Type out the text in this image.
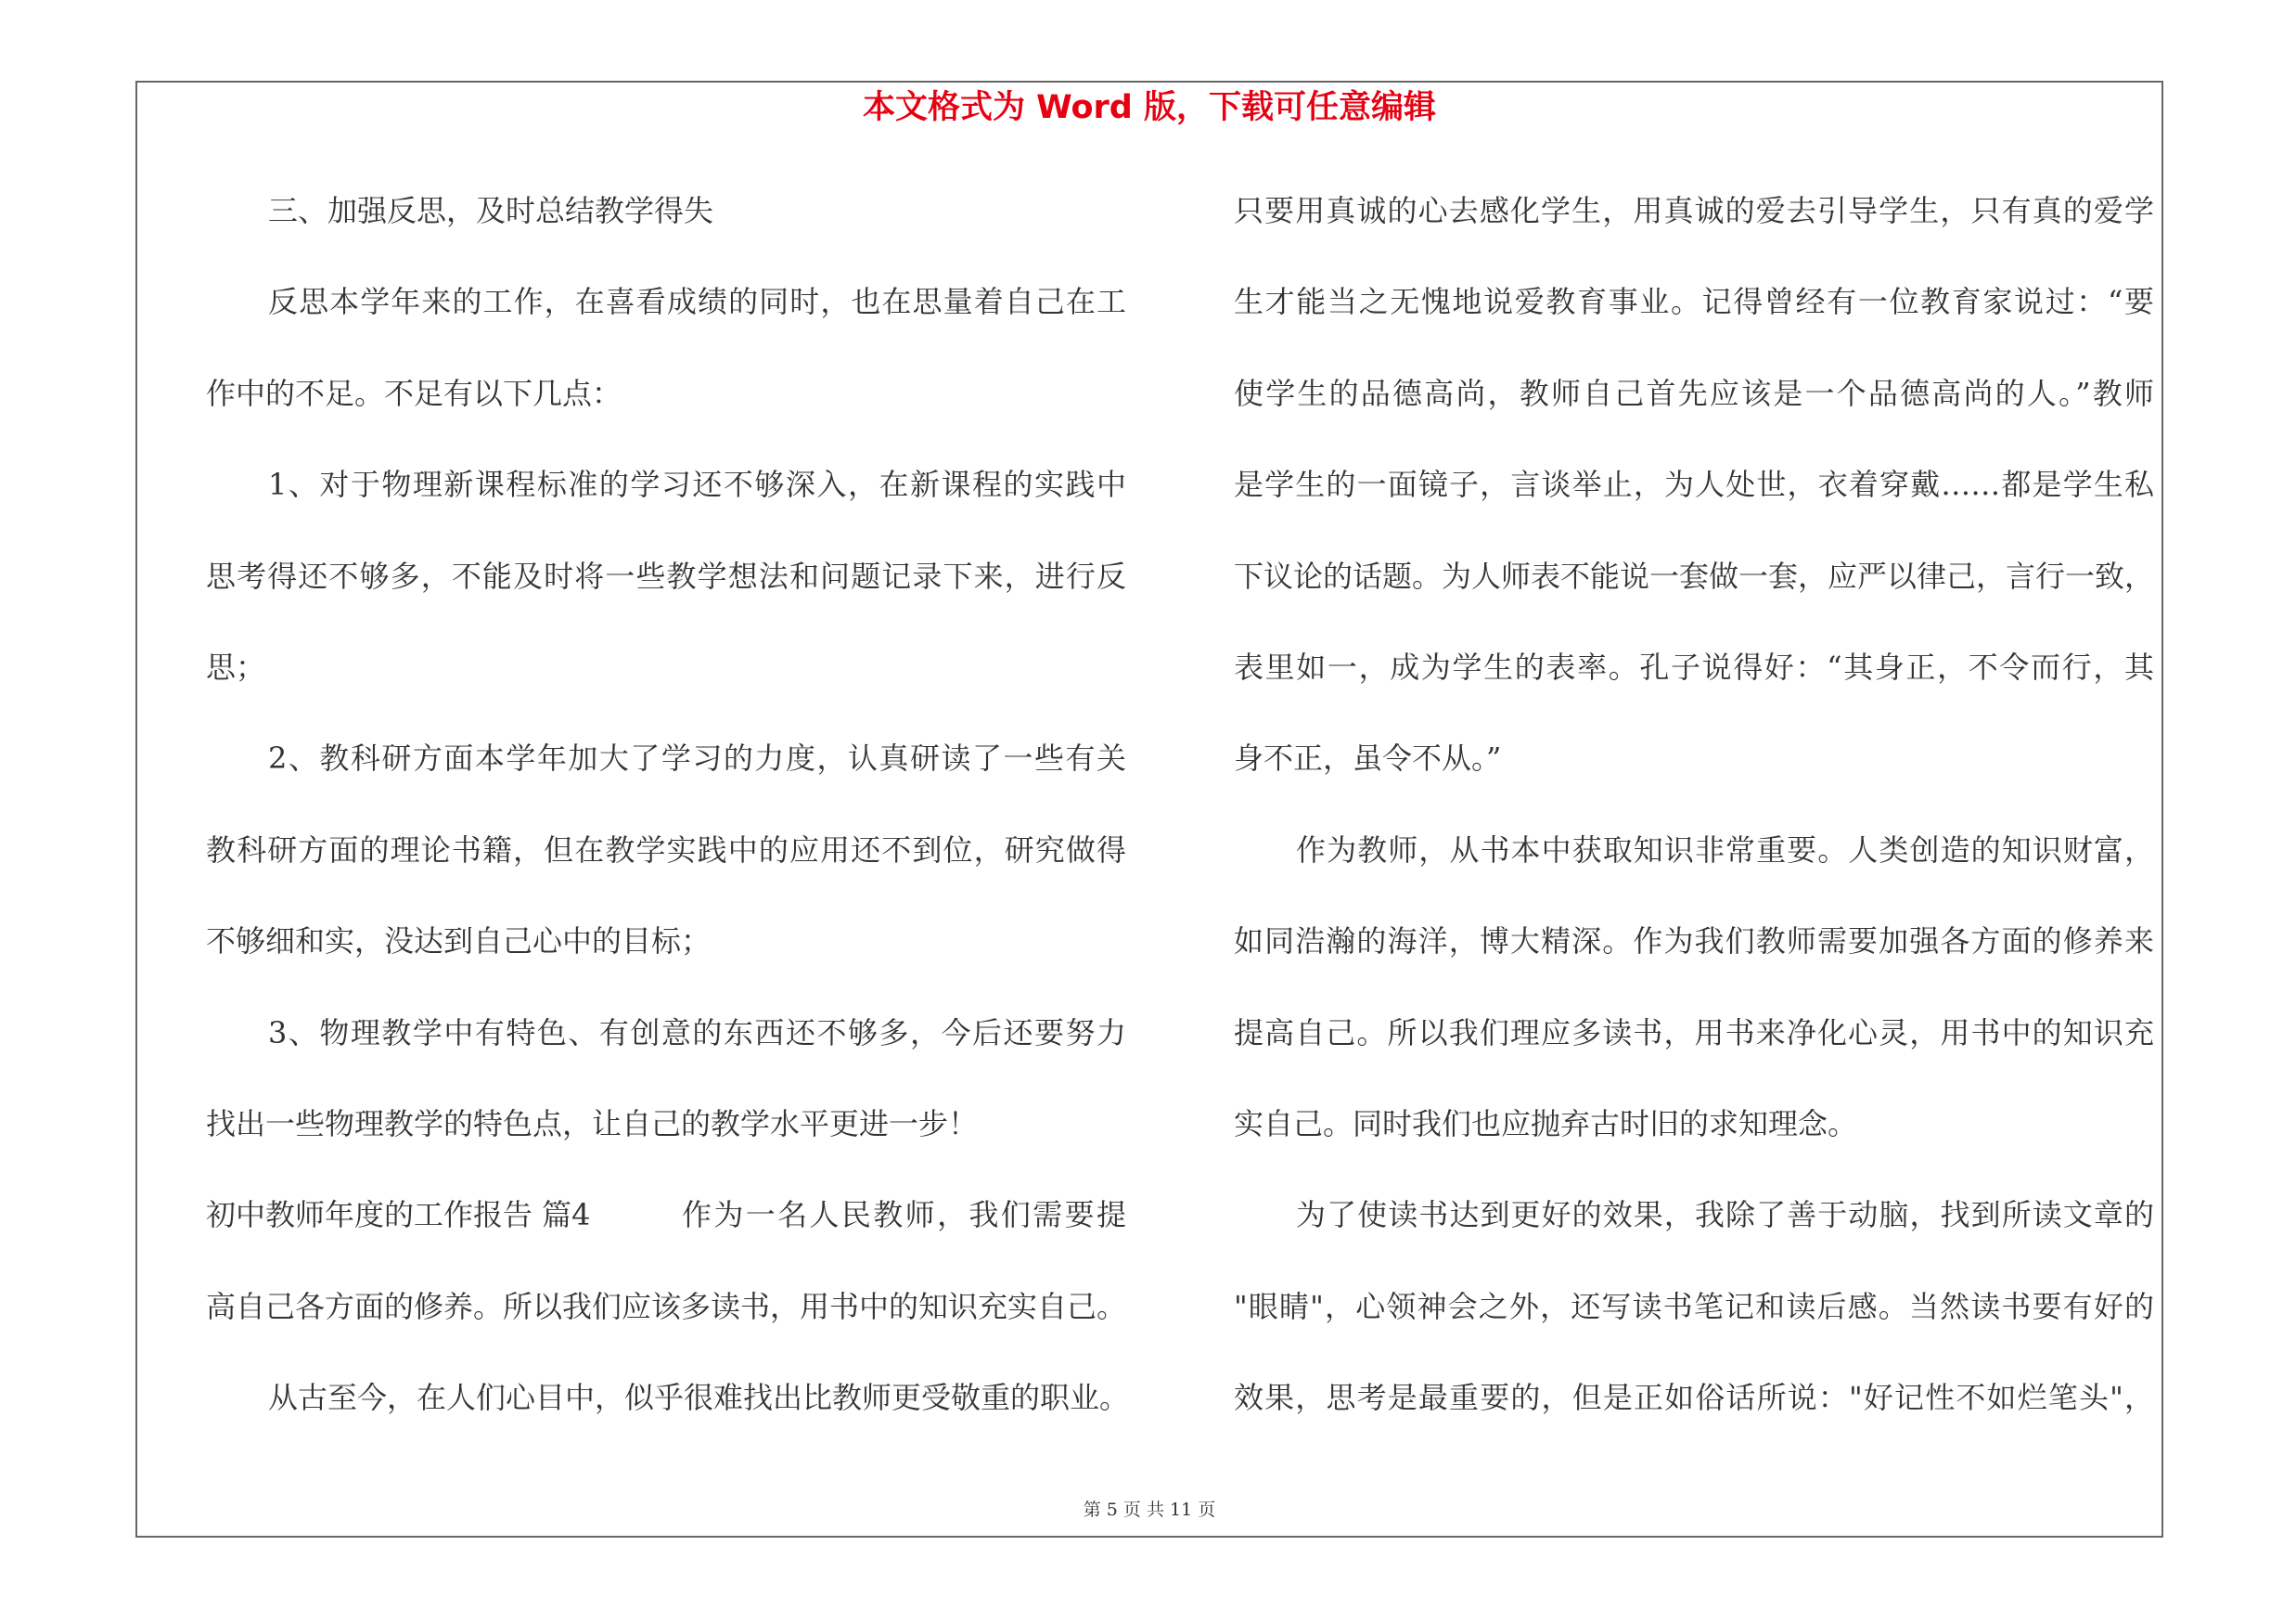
本文格式为 Word 版，下载可任意编辑
三、加强反思，及时总结教学得失
反思本学年来的工作，在喜看成绩的同时，也在思量着自己在工
作中的不足。不足有以下几点：
1、对于物理新课程标准的学习还不够深入，在新课程的实践中
思考得还不够多，不能及时将一些教学想法和问题记录下来，进行反
思；
2、教科研方面本学年加大了学习的力度，认真研读了一些有关
教科研方面的理论书籍，但在教学实践中的应用还不到位，研究做得
不够细和实，没达到自己心中的目标；
3、物理教学中有特色、有创意的东西还不够多，今后还要努力
找出一些物理教学的特色点，让自己的教学水平更进一步！
初中教师年度的工作报告 篇4	作为一名人民教师，我们需要提
高自己各方面的修养。所以我们应该多读书，用书中的知识充实自己。
从古至今，在人们心目中，似乎很难找出比教师更受敬重的职业。
只要用真诚的心去感化学生，用真诚的爱去引导学生，只有真的爱学
生才能当之无愧地说爱教育事业。记得曾经有一位教育家说过：“要
使学生的品德高尚，教师自己首先应该是一个品德高尚的人。”教师
是学生的一面镜子，言谈举止，为人处世，衣着穿戴……都是学生私
下议论的话题。为人师表不能说一套做一套，应严以律己，言行一致，
表里如一，成为学生的表率。孔子说得好：“其身正，不令而行，其
身不正，虽令不从。”
作为教师，从书本中获取知识非常重要。人类创造的知识财富，
如同浩瀚的海洋，博大精深。作为我们教师需要加强各方面的修养来
提高自己。所以我们理应多读书，用书来净化心灵，用书中的知识充
实自己。同时我们也应抛弃古时旧的求知理念。
为了使读书达到更好的效果，我除了善于动脑，找到所读文章的
"眼睛"，心领神会之外，还写读书笔记和读后感。当然读书要有好的
效果，思考是最重要的，但是正如俗话所说："好记性不如烂笔头"，
第 5 页 共 11 页
